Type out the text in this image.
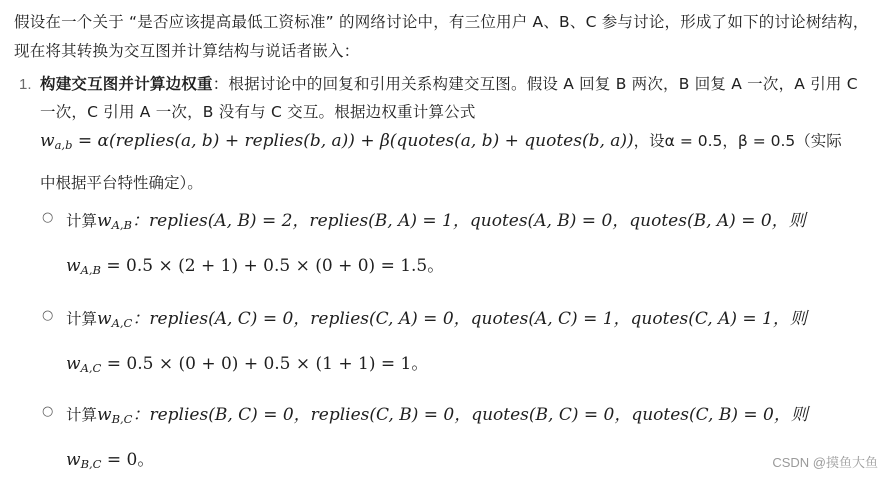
假设在一个关于 “是否应该提高最低工资标准” 的网络讨论中，有三位用户 A、B、C 参与讨论，形成了如下的讨论树结构，现在将其转换为交互图并计算结构与说话者嵌入：
1. 构建交互图并计算边权重：根据讨论中的回复和引用关系构建交互图。假设 A 回复 B 两次，B 回复 A 一次，A 引用 C 一次，C 引用 A 一次，B 没有与 C 交互。根据边权重计算公式
$w_{a,b}$ = α(replies(a, b) + replies(b, a)) + β(quotes(a, b) + quotes(b, a))，设α = 0.5，β = 0.5（实际
中根据平台特性确定）。
○ 计算$w_{A,B}$：replies(A, B) = 2，replies(B, A) = 1，quotes(A, B) = 0，quotes(B, A) = 0，则
$w_{A,B} = 0.5 \times (2 + 1) + 0.5 \times (0 + 0) = 1.5$。
○ 计算$w_{A,C}$：replies(A, C) = 0，replies(C, A) = 0，quotes(A, C) = 1，quotes(C, A) = 1，则
$w_{A,C} = 0.5 \times (0 + 0) + 0.5 \times (1 + 1) = 1$。
○ 计算$w_{B,C}$：replies(B, C) = 0，replies(C, B) = 0，quotes(B, C) = 0，quotes(C, B) = 0，则
$w_{B,C} = 0$。	CSDN @摸鱼大鱼
